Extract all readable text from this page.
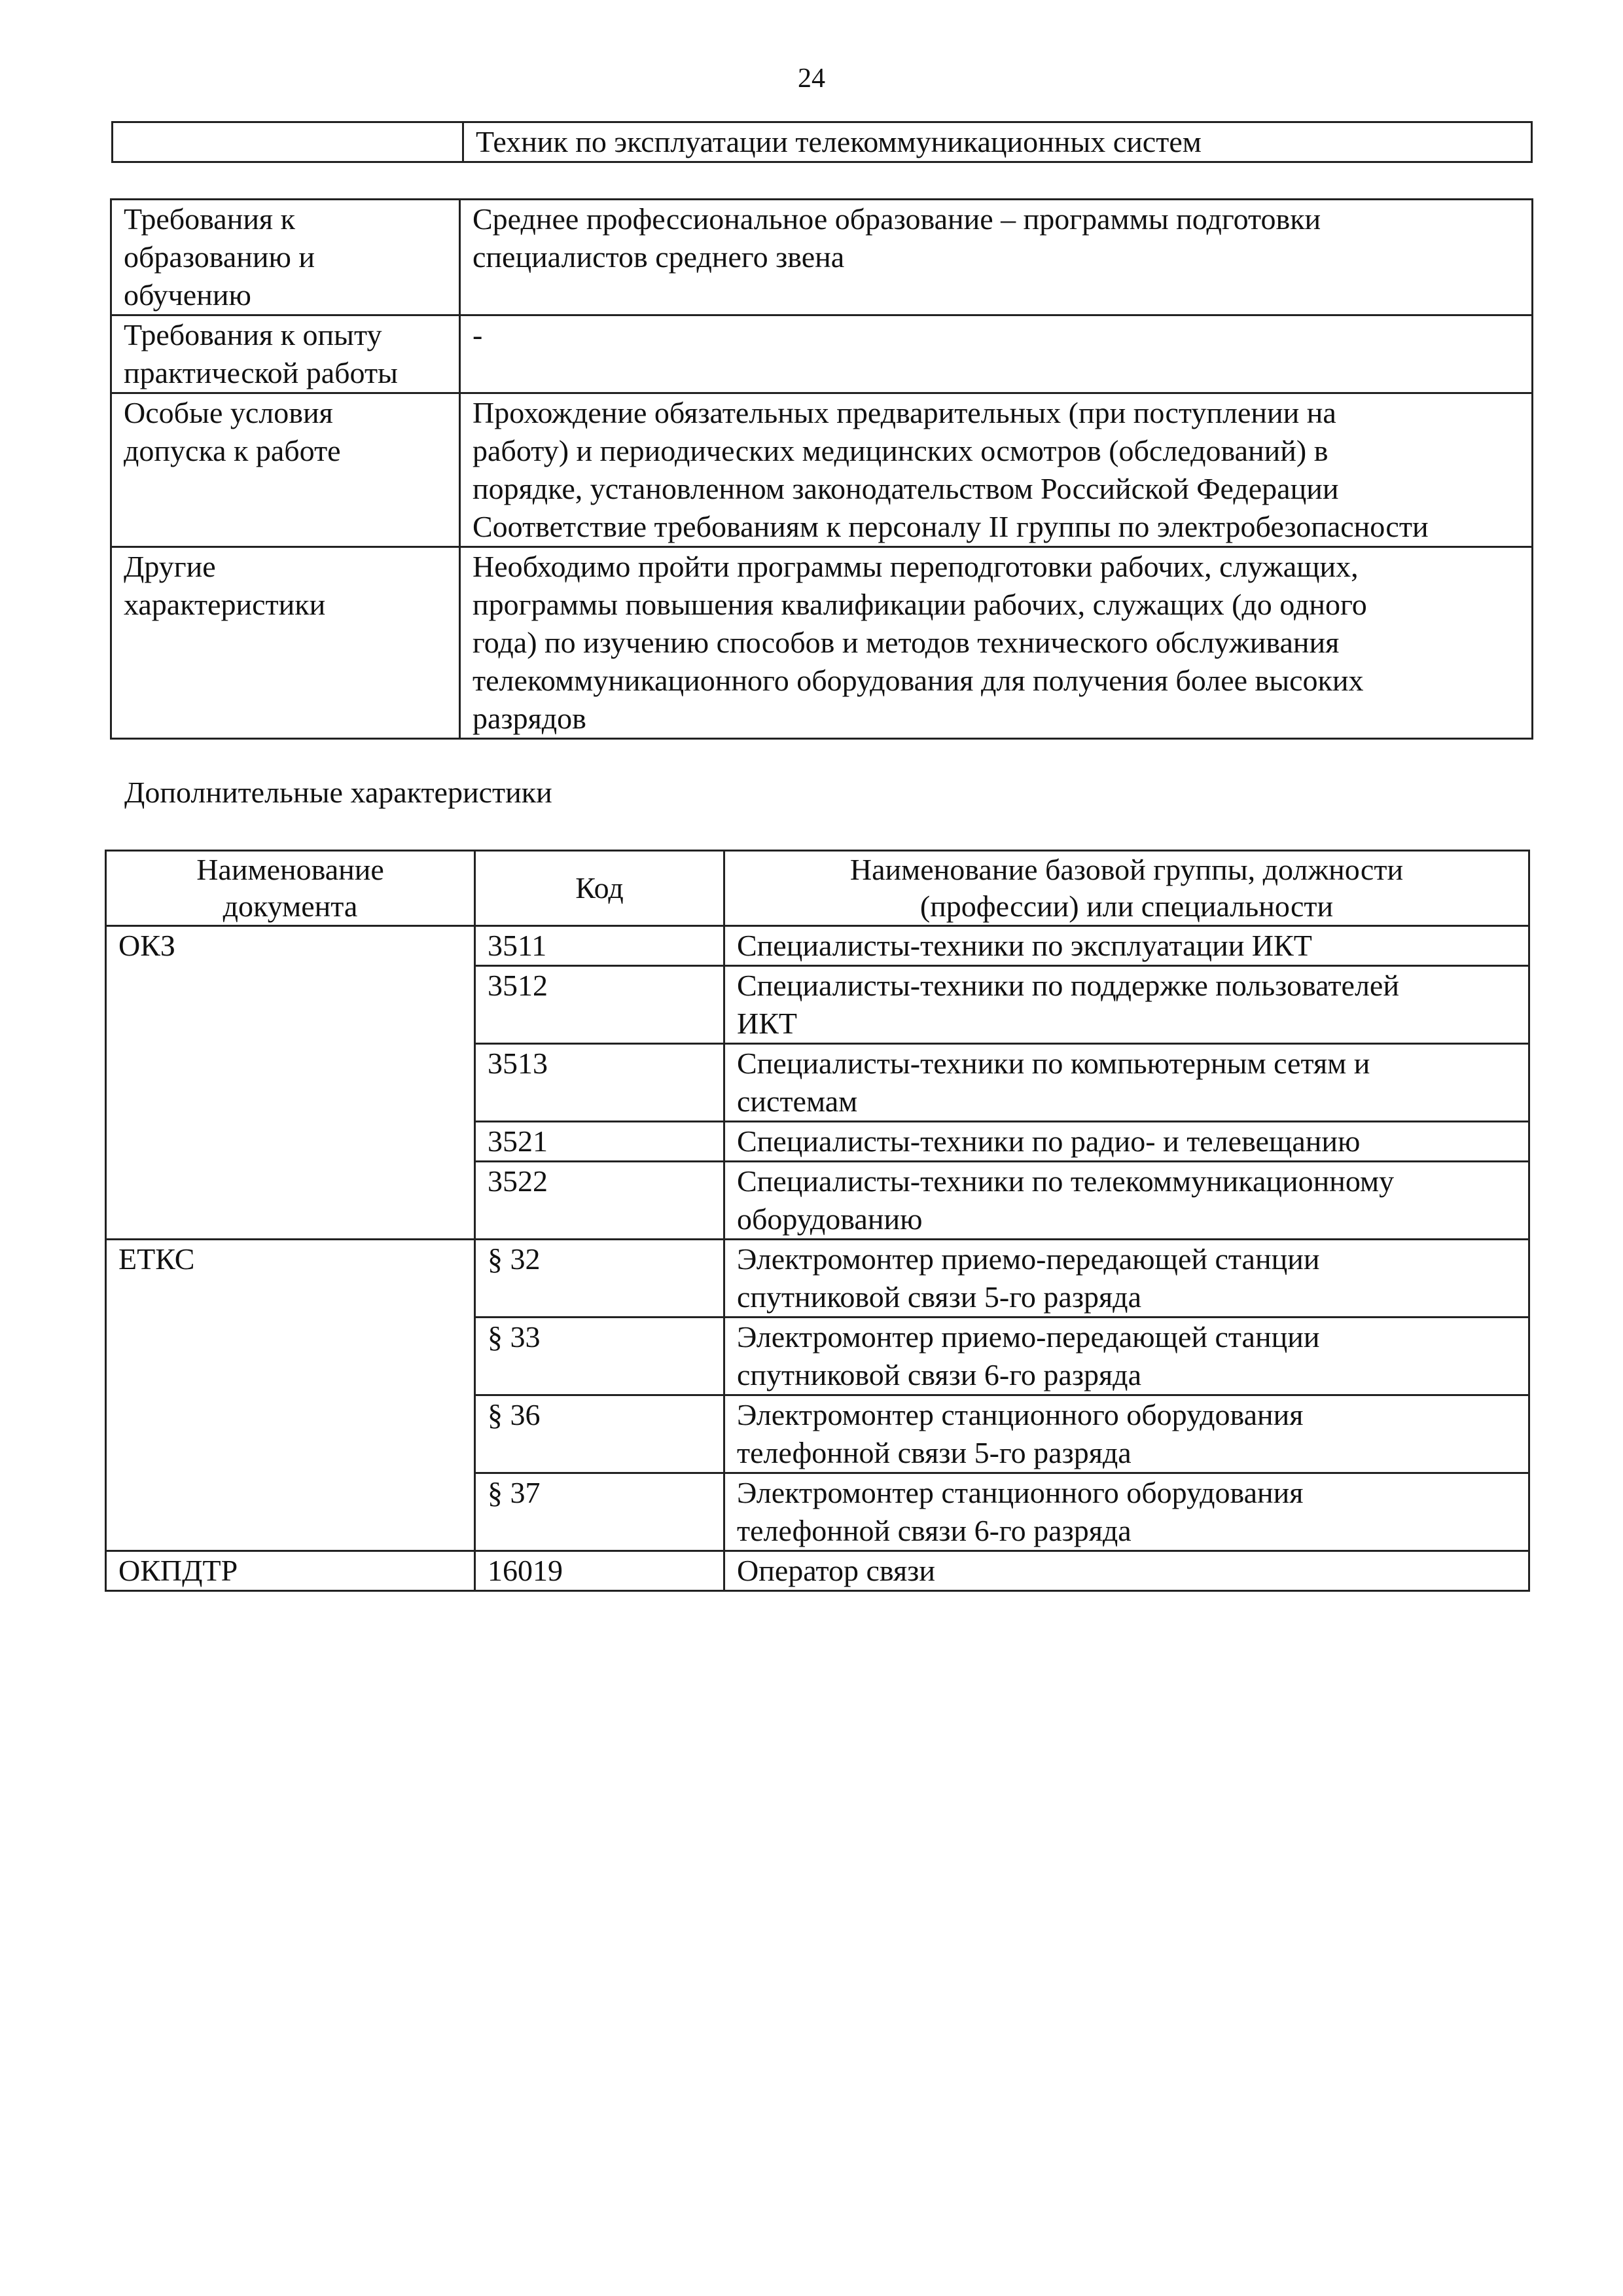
24
	Техник по эксплуатации телекоммуникационных систем
Требования к
образованию и
обучению	Среднее профессиональное образование – программы подготовки
специалистов среднего звена
Требования к опыту
практической работы	-
Особые условия
допуска к работе	Прохождение обязательных предварительных (при поступлении на
работу) и периодических медицинских осмотров (обследований) в
порядке, установленном законодательством Российской Федерации
Соответствие требованиям к персоналу II группы по электробезопасности
Другие
характеристики	Необходимо пройти программы переподготовки рабочих, служащих,
программы повышения квалификации рабочих, служащих (до одного
года) по изучению способов и методов технического обслуживания
телекоммуникационного оборудования для получения более высоких
разрядов
Дополнительные характеристики
Наименование
документа	Код	Наименование базовой группы, должности
(профессии) или специальности
ОКЗ	3511	Специалисты-техники по эксплуатации ИКТ
	3512	Специалисты-техники по поддержке пользователей
ИКТ
	3513	Специалисты-техники по компьютерным сетям и
системам
	3521	Специалисты-техники по радио- и телевещанию
	3522	Специалисты-техники по телекоммуникационному
оборудованию
ЕТКС	§ 32	Электромонтер приемо-передающей станции
спутниковой связи 5-го разряда
	§ 33	Электромонтер приемо-передающей станции
спутниковой связи 6-го разряда
	§ 36	Электромонтер станционного оборудования
телефонной связи 5-го разряда
	§ 37	Электромонтер станционного оборудования
телефонной связи 6-го разряда
ОКПДТР	16019	Оператор связи
